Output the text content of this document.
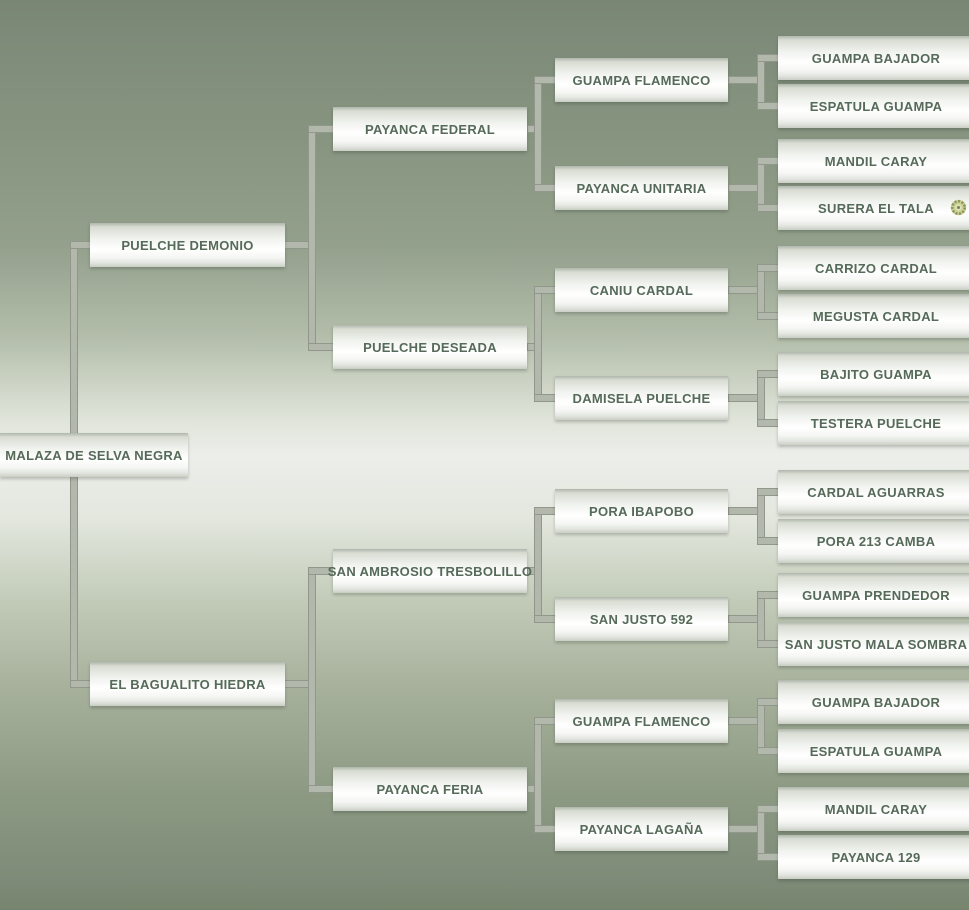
MALAZA DE SELVA NEGRA
PUELCHE DEMONIO
EL BAGUALITO HIEDRA
PAYANCA FEDERAL
PUELCHE DESEADA
SAN AMBROSIO TRESBOLILLO
PAYANCA FERIA
GUAMPA FLAMENCO
PAYANCA UNITARIA
CANIU CARDAL
DAMISELA PUELCHE
PORA IBAPOBO
SAN JUSTO 592
GUAMPA FLAMENCO
PAYANCA LAGAÑA
GUAMPA BAJADOR
ESPATULA GUAMPA
MANDIL CARAY
SURERA EL TALA
CARRIZO CARDAL
MEGUSTA CARDAL
BAJITO GUAMPA
TESTERA PUELCHE
CARDAL AGUARRAS
PORA 213 CAMBA
GUAMPA PRENDEDOR
SAN JUSTO MALA SOMBRA
GUAMPA BAJADOR
ESPATULA GUAMPA
MANDIL CARAY
PAYANCA 129
